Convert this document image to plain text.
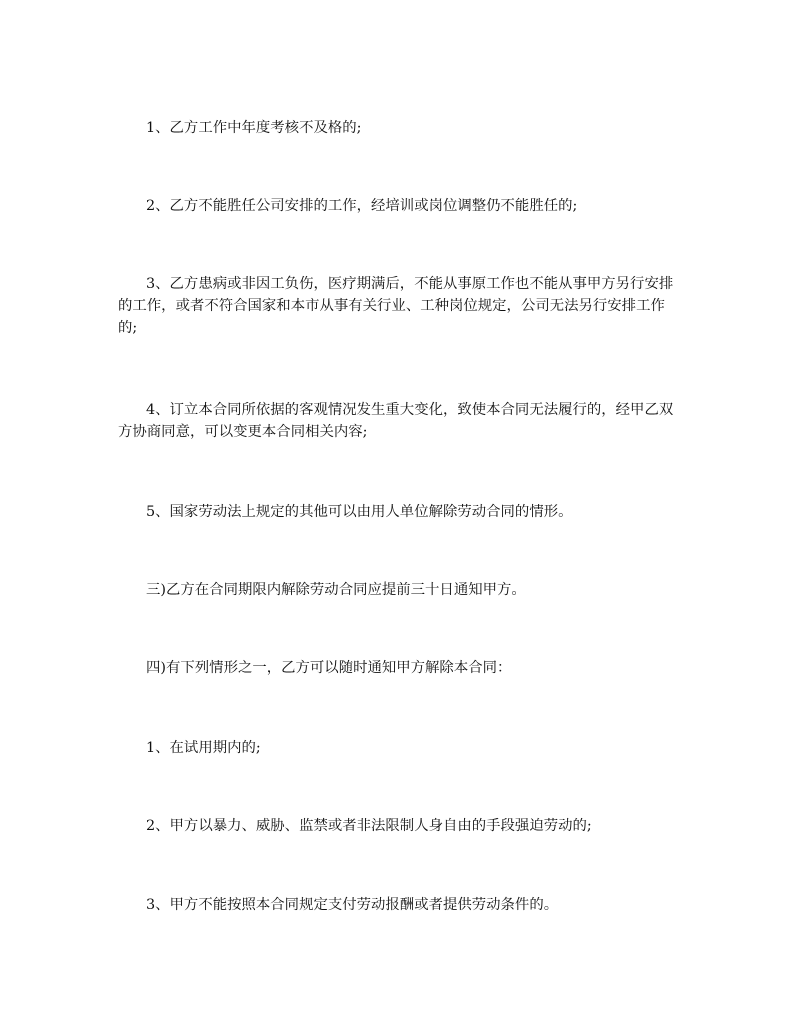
1、乙方工作中年度考核不及格的;

2、乙方不能胜任公司安排的工作，经培训或岗位调整仍不能胜任的;

3、乙方患病或非因工负伤，医疗期满后，不能从事原工作也不能从事甲方另行安排的工作，或者不符合国家和本市从事有关行业、工种岗位规定，公司无法另行安排工作的;

4、订立本合同所依据的客观情况发生重大变化，致使本合同无法履行的，经甲乙双方协商同意，可以变更本合同相关内容;

5、国家劳动法上规定的其他可以由用人单位解除劳动合同的情形。

三)乙方在合同期限内解除劳动合同应提前三十日通知甲方。

四)有下列情形之一，乙方可以随时通知甲方解除本合同：

1、在试用期内的;

2、甲方以暴力、威胁、监禁或者非法限制人身自由的手段强迫劳动的;

3、甲方不能按照本合同规定支付劳动报酬或者提供劳动条件的。
